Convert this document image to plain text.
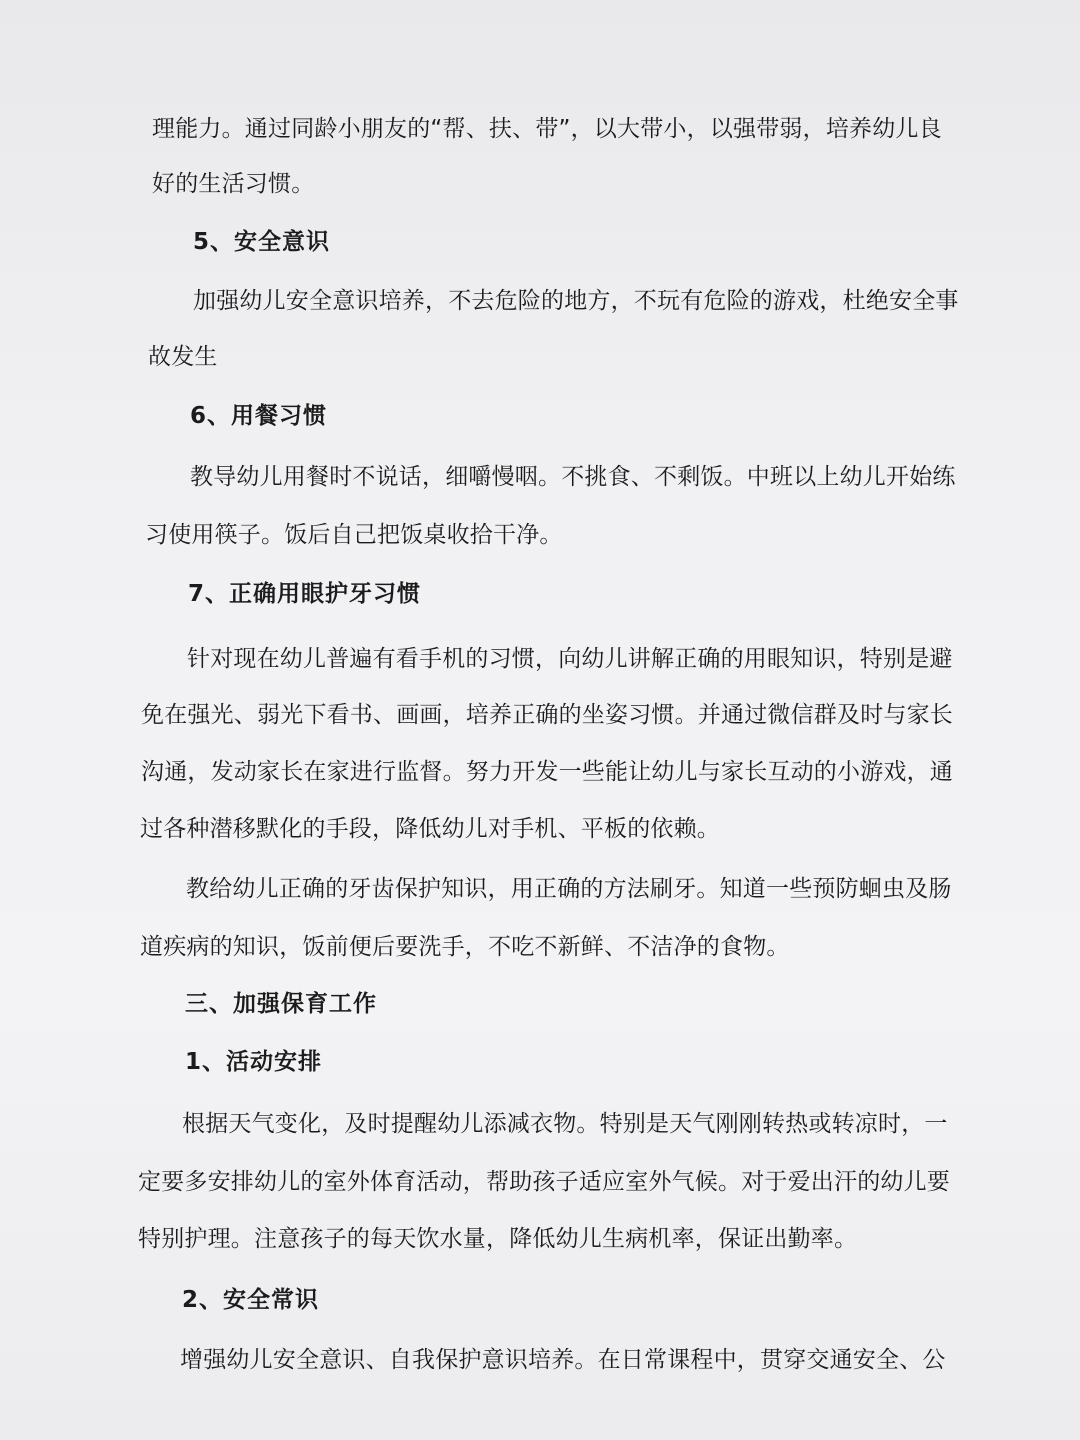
理能力。通过同龄小朋友的“帮、扶、带”，以大带小，以强带弱，培养幼儿良
好的生活习惯。
5、安全意识
加强幼儿安全意识培养，不去危险的地方，不玩有危险的游戏，杜绝安全事
故发生
6、用餐习惯
教导幼儿用餐时不说话，细嚼慢咽。不挑食、不剩饭。中班以上幼儿开始练
习使用筷子。饭后自己把饭桌收拾干净。
7、正确用眼护牙习惯
针对现在幼儿普遍有看手机的习惯，向幼儿讲解正确的用眼知识，特别是避
免在强光、弱光下看书、画画，培养正确的坐姿习惯。并通过微信群及时与家长
沟通，发动家长在家进行监督。努力开发一些能让幼儿与家长互动的小游戏，通
过各种潜移默化的手段，降低幼儿对手机、平板的依赖。
教给幼儿正确的牙齿保护知识，用正确的方法刷牙。知道一些预防蛔虫及肠
道疾病的知识，饭前便后要洗手，不吃不新鲜、不洁净的食物。
三、加强保育工作
1、活动安排
根据天气变化，及时提醒幼儿添减衣物。特别是天气刚刚转热或转凉时，一
定要多安排幼儿的室外体育活动，帮助孩子适应室外气候。对于爱出汗的幼儿要
特别护理。注意孩子的每天饮水量，降低幼儿生病机率，保证出勤率。
2、安全常识
增强幼儿安全意识、自我保护意识培养。在日常课程中，贯穿交通安全、公
